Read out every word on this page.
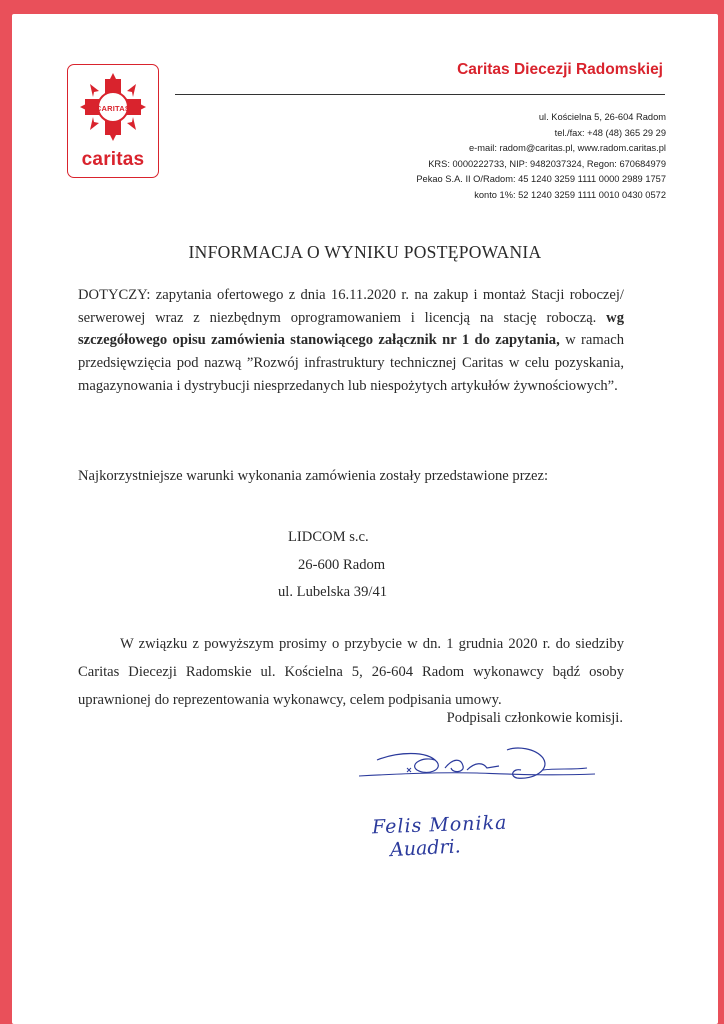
CARITAS
caritas
Caritas Diecezji Radomskiej
ul. Kościelna 5, 26-604 Radom
tel./fax: +48 (48) 365 29 29
e-mail: radom@caritas.pl, www.radom.caritas.pl
KRS: 0000222733, NIP: 9482037324, Regon: 670684979
Pekao S.A. II O/Radom: 45 1240 3259 1111 0000 2989 1757
konto 1%: 52 1240 3259 1111 0010 0430 0572
INFORMACJA O WYNIKU POSTĘPOWANIA
DOTYCZY: zapytania ofertowego z dnia 16.11.2020 r. na zakup i montaż Stacji roboczej/ serwerowej wraz z niezbędnym oprogramowaniem i licencją na stację roboczą. wg szczegółowego opisu zamówienia stanowiącego załącznik nr 1 do zapytania, w ramach przedsięwzięcia pod nazwą ”Rozwój infrastruktury technicznej Caritas w celu pozyskania, magazynowania i dystrybucji niesprzedanych lub niespożytych artykułów żywnościowych”.
Najkorzystniejsze warunki wykonania zamówienia zostały przedstawione przez:
LIDCOM s.c.
26-600 Radom
ul. Lubelska 39/41
W związku z powyższym prosimy o przybycie w dn. 1 grudnia 2020 r. do siedziby Caritas Diecezji Radomskie ul. Kościelna 5, 26-604 Radom wykonawcy bądź osoby uprawnionej do reprezentowania wykonawcy, celem podpisania umowy.
Podpisali członkowie komisji.
Felis Monika
Auadri.
